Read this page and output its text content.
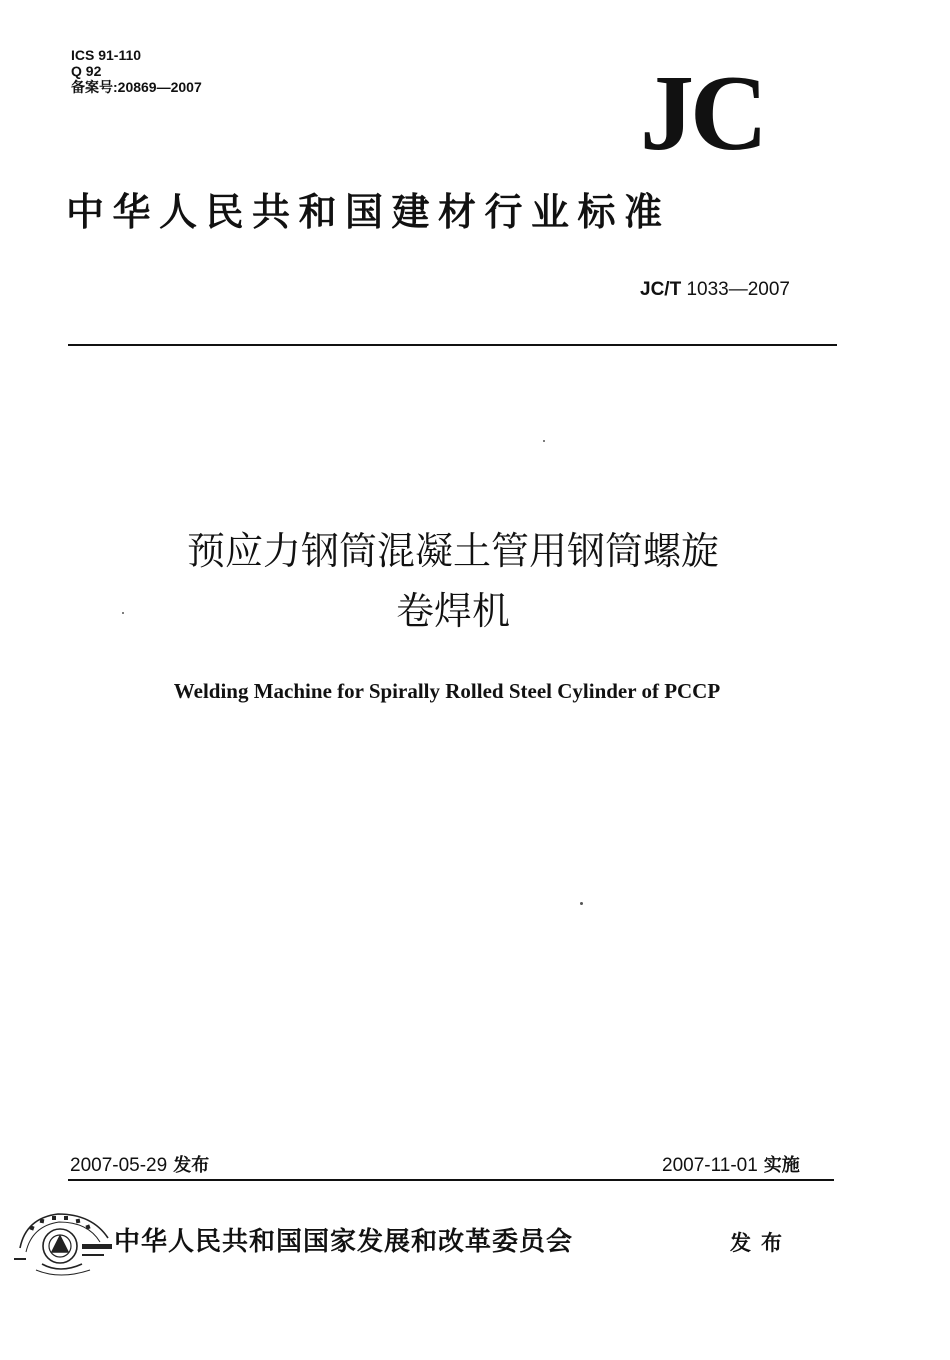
ICS 91-110
Q 92
备案号:20869—2007	JC
中华人民共和国建材行业标准
JC/T 1033—2007
预应力钢筒混凝土管用钢筒螺旋
卷焊机
Welding Machine for Spirally Rolled Steel Cylinder of PCCP
2007-05-29 发布	2007-11-01 实施
中华人民共和国国家发展和改革委员会	发布
